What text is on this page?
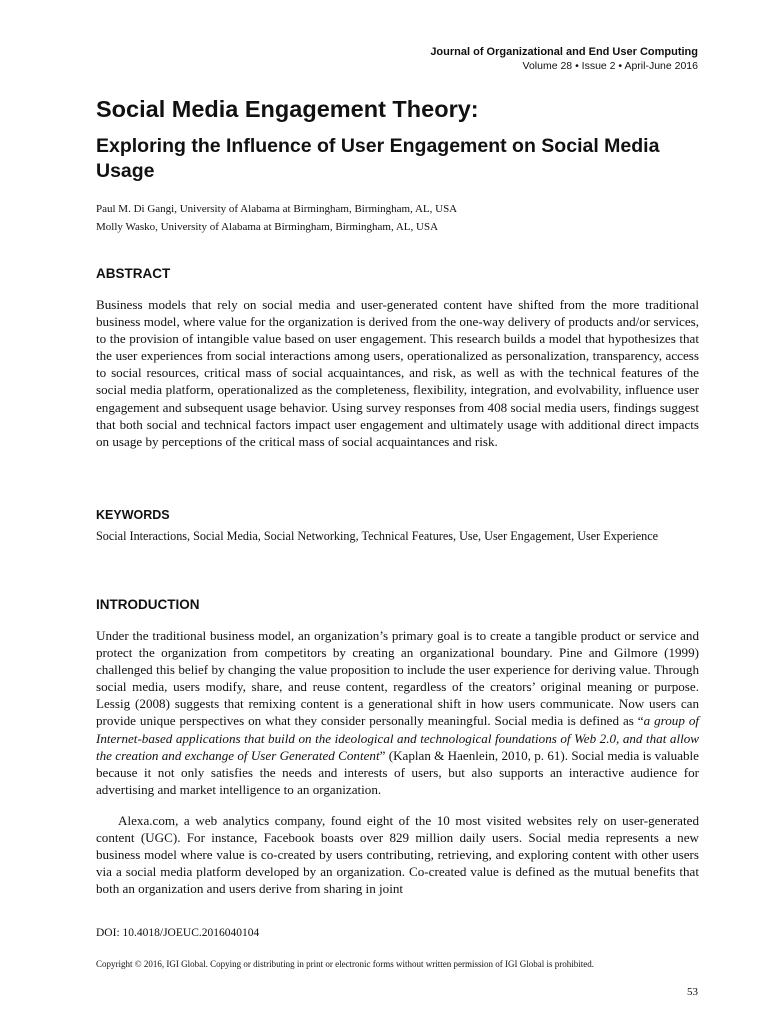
Journal of Organizational and End User Computing
Volume 28 • Issue 2 • April-June 2016
Social Media Engagement Theory:
Exploring the Influence of User Engagement on Social Media Usage
Paul M. Di Gangi, University of Alabama at Birmingham, Birmingham, AL, USA
Molly Wasko, University of Alabama at Birmingham, Birmingham, AL, USA
ABSTRACT

Business models that rely on social media and user-generated content have shifted from the more traditional business model, where value for the organization is derived from the one-way delivery of products and/or services, to the provision of intangible value based on user engagement. This research builds a model that hypothesizes that the user experiences from social interactions among users, operationalized as personalization, transparency, access to social resources, critical mass of social acquaintances, and risk, as well as with the technical features of the social media platform, operationalized as the completeness, flexibility, integration, and evolvability, influence user engagement and subsequent usage behavior. Using survey responses from 408 social media users, findings suggest that both social and technical factors impact user engagement and ultimately usage with additional direct impacts on usage by perceptions of the critical mass of social acquaintances and risk.

KEYWORDS

Social Interactions, Social Media, Social Networking, Technical Features, Use, User Engagement, User Experience

INTRODUCTION

Under the traditional business model, an organization’s primary goal is to create a tangible product or service and protect the organization from competitors by creating an organizational boundary. Pine and Gilmore (1999) challenged this belief by changing the value proposition to include the user experience for deriving value. Through social media, users modify, share, and reuse content, regardless of the creators’ original meaning or purpose. Lessig (2008) suggests that remixing content is a generational shift in how users communicate. Now users can provide unique perspectives on what they consider personally meaningful. Social media is defined as “a group of Internet-based applications that build on the ideological and technological foundations of Web 2.0, and that allow the creation and exchange of User Generated Content” (Kaplan & Haenlein, 2010, p. 61). Social media is valuable because it not only satisfies the needs and interests of users, but also supports an interactive audience for advertising and market intelligence to an organization.

Alexa.com, a web analytics company, found eight of the 10 most visited websites rely on user-generated content (UGC). For instance, Facebook boasts over 829 million daily users. Social media represents a new business model where value is co-created by users contributing, retrieving, and exploring content with other users via a social media platform developed by an organization. Co-created value is defined as the mutual benefits that both an organization and users derive from sharing in joint

DOI: 10.4018/JOEUC.2016040104
Copyright © 2016, IGI Global. Copying or distributing in print or electronic forms without written permission of IGI Global is prohibited.
53
